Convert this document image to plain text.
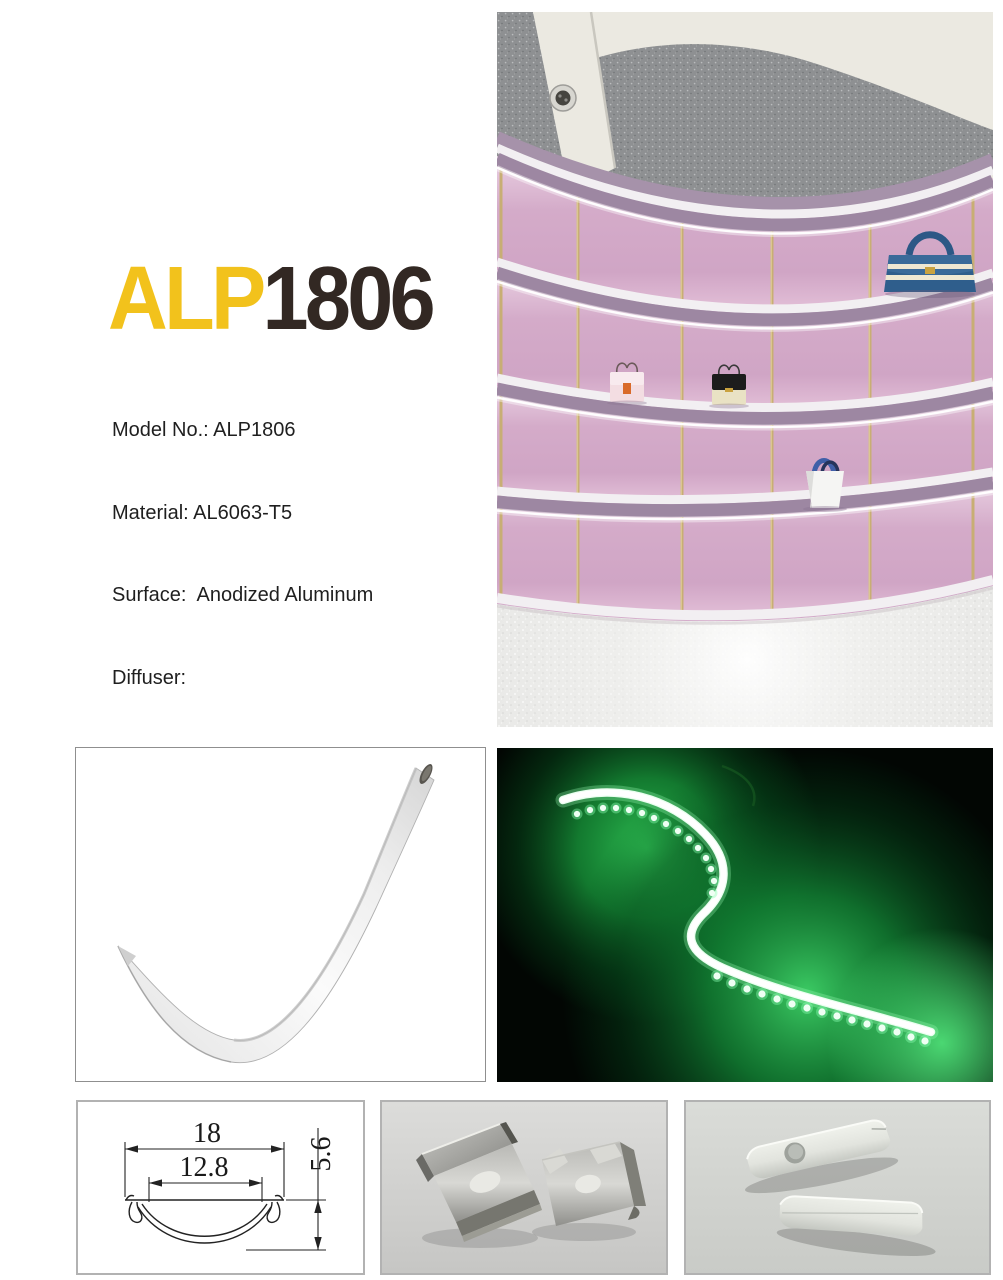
ALP1806

Model No.: ALP1806

Material: AL6063-T5

Surface:  Anodized Aluminum

Diffuser:

18
12.8	5.6
